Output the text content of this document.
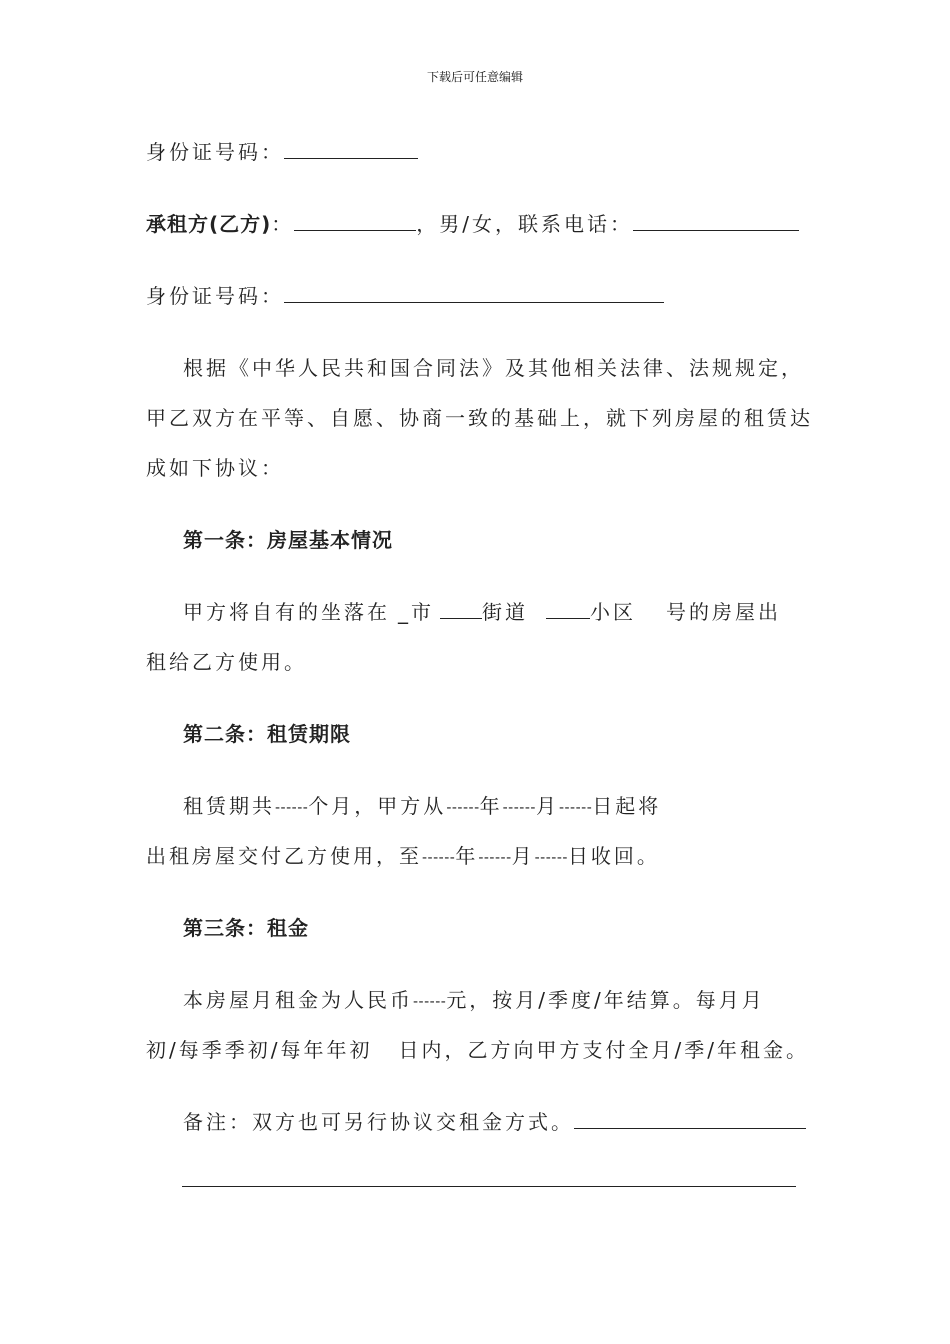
下载后可任意编辑
身份证号码：
承租方(乙方)：	，男/女，联系电话：
身份证号码：
根据《中华人民共和国合同法》及其他相关法律、法规规定，
甲乙双方在平等、自愿、协商一致的基础上，就下列房屋的租赁达
成如下协议：
第一条：房屋基本情况
甲方将自有的坐落在 _市 街道	小区 号的房屋出
租给乙方使用。
第二条：租赁期限
租赁期共------个月，甲方从------年------月------日起将
出租房屋交付乙方使用，至------年------月------日收回。
第三条：租金
本房屋月租金为人民币------元，按月/季度/年结算。每月月
初/每季季初/每年年初 日内，乙方向甲方支付全月/季/年租金。
备注：双方也可另行协议交租金方式。
